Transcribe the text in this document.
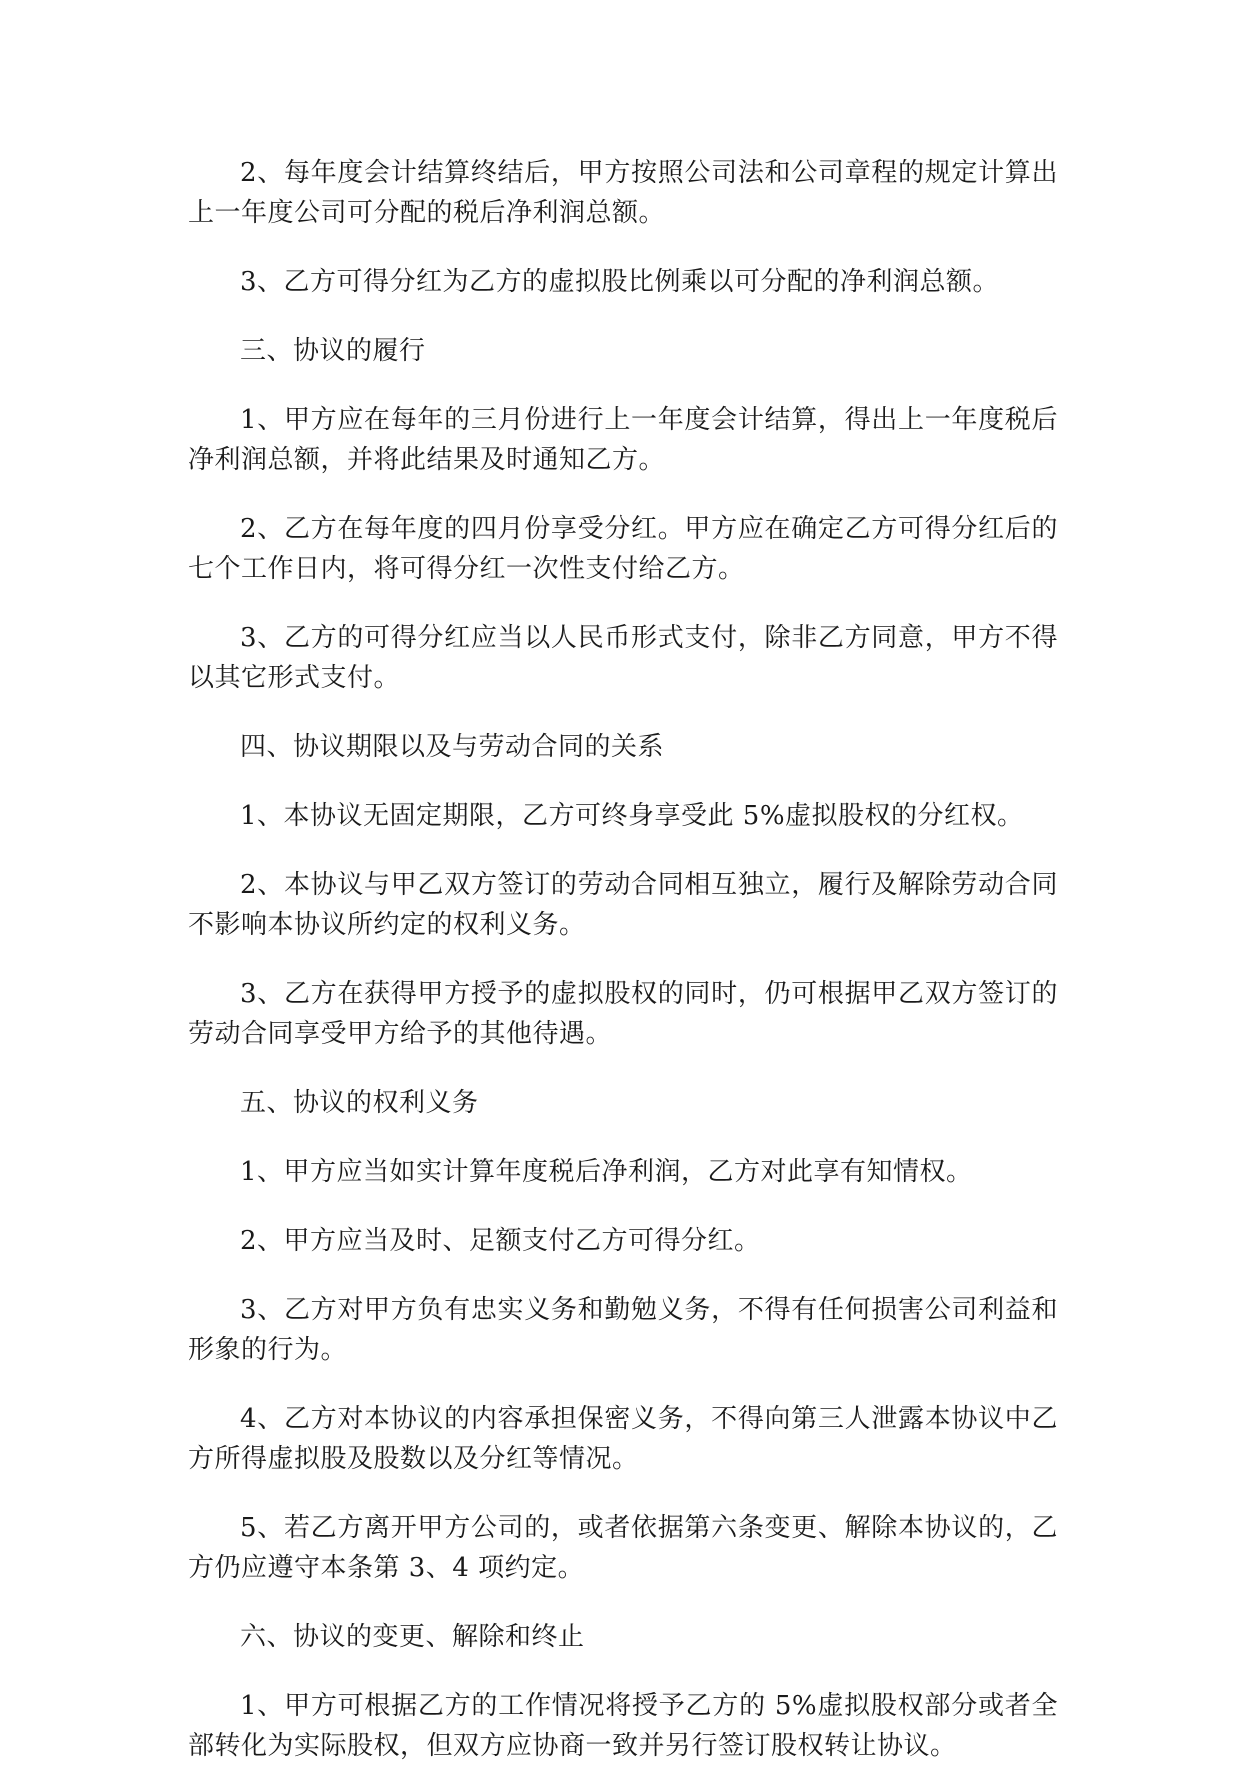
2、每年度会计结算终结后，甲方按照公司法和公司章程的规定计算出上一年度公司可分配的税后净利润总额。

3、乙方可得分红为乙方的虚拟股比例乘以可分配的净利润总额。

三、协议的履行

1、甲方应在每年的三月份进行上一年度会计结算，得出上一年度税后净利润总额，并将此结果及时通知乙方。

2、乙方在每年度的四月份享受分红。甲方应在确定乙方可得分红后的七个工作日内，将可得分红一次性支付给乙方。

3、乙方的可得分红应当以人民币形式支付，除非乙方同意，甲方不得以其它形式支付。

四、协议期限以及与劳动合同的关系

1、本协议无固定期限，乙方可终身享受此 5%虚拟股权的分红权。

2、本协议与甲乙双方签订的劳动合同相互独立，履行及解除劳动合同不影响本协议所约定的权利义务。

3、乙方在获得甲方授予的虚拟股权的同时，仍可根据甲乙双方签订的劳动合同享受甲方给予的其他待遇。

五、协议的权利义务

1、甲方应当如实计算年度税后净利润，乙方对此享有知情权。

2、甲方应当及时、足额支付乙方可得分红。

3、乙方对甲方负有忠实义务和勤勉义务，不得有任何损害公司利益和形象的行为。

4、乙方对本协议的内容承担保密义务，不得向第三人泄露本协议中乙方所得虚拟股及股数以及分红等情况。

5、若乙方离开甲方公司的，或者依据第六条变更、解除本协议的，乙方仍应遵守本条第 3、4 项约定。

六、协议的变更、解除和终止

1、甲方可根据乙方的工作情况将授予乙方的 5%虚拟股权部分或者全部转化为实际股权，但双方应协商一致并另行签订股权转让协议。
